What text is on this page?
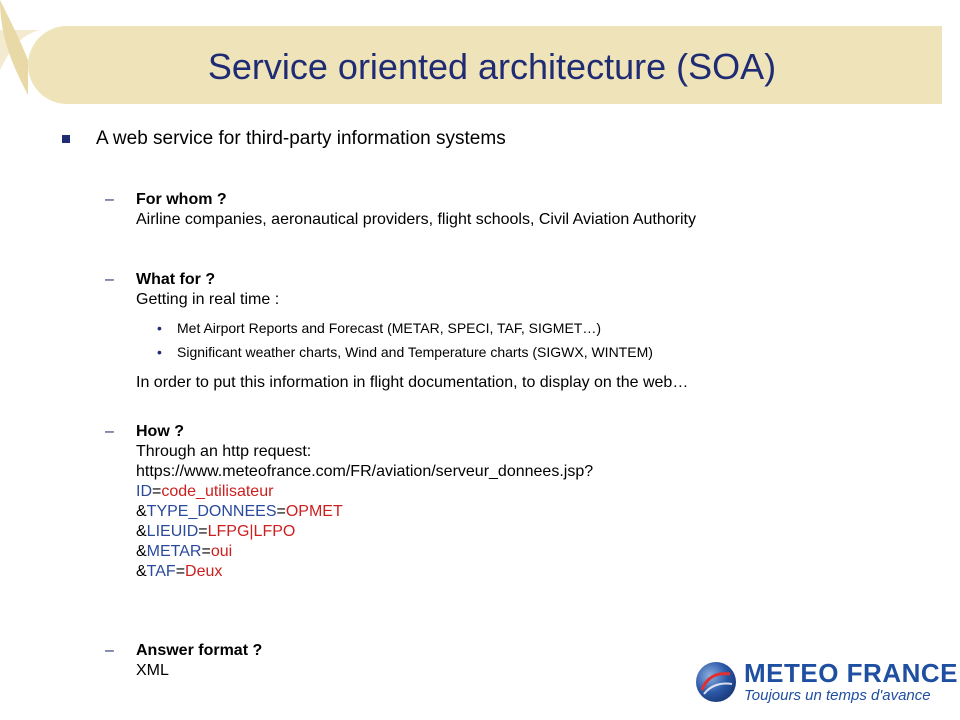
Service oriented architecture (SOA)
A web service for third-party information systems
– For whom ?
Airline companies, aeronautical providers, flight schools, Civil Aviation Authority
– What for ?
Getting in real time :
• Met Airport Reports and Forecast (METAR, SPECI, TAF, SIGMET…)
• Significant weather charts, Wind and Temperature charts (SIGWX, WINTEM)
In order to put this information in flight documentation, to display on the web…
– How ?
Through an http request:
https://www.meteofrance.com/FR/aviation/serveur_donnees.jsp?
ID=code_utilisateur
&TYPE_DONNEES=OPMET
&LIEUID=LFPG|LFPO
&METAR=oui
&TAF=Deux
– Answer format ?
XML	METEO FRANCE
Toujours un temps d'avance
